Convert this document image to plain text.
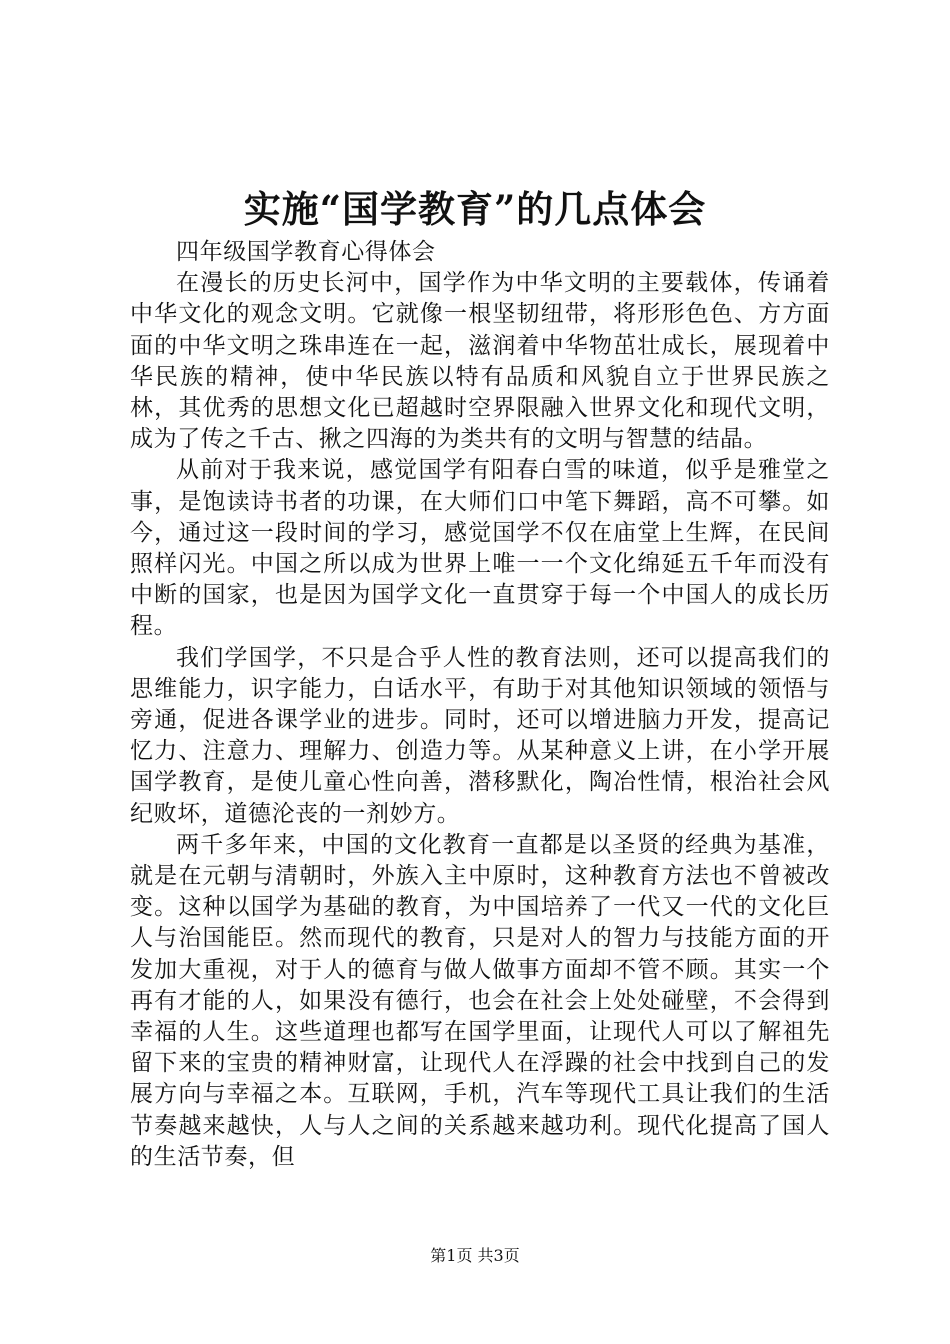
实施“国学教育”的几点体会

四年级国学教育心得体会

在漫长的历史长河中，国学作为中华文明的主要载体，传诵着中华文化的观念文明。它就像一根坚韧纽带，将形形色色、方方面面的中华文明之珠串连在一起，滋润着中华物茁壮成长，展现着中华民族的精神，使中华民族以特有品质和风貌自立于世界民族之林，其优秀的思想文化已超越时空界限融入世界文化和现代文明，成为了传之千古、揪之四海的为类共有的文明与智慧的结晶。

从前对于我来说，感觉国学有阳春白雪的味道，似乎是雅堂之事，是饱读诗书者的功课，在大师们口中笔下舞蹈，高不可攀。如今，通过这一段时间的学习，感觉国学不仅在庙堂上生辉，在民间照样闪光。中国之所以成为世界上唯一一个文化绵延五千年而没有中断的国家，也是因为国学文化一直贯穿于每一个中国人的成长历程。

我们学国学，不只是合乎人性的教育法则，还可以提高我们的思维能力，识字能力，白话水平，有助于对其他知识领域的领悟与旁通，促进各课学业的进步。同时，还可以增进脑力开发，提高记忆力、注意力、理解力、创造力等。从某种意义上讲，在小学开展国学教育，是使儿童心性向善，潜移默化，陶冶性情，根治社会风纪败坏，道德沦丧的一剂妙方。

两千多年来，中国的文化教育一直都是以圣贤的经典为基准，就是在元朝与清朝时，外族入主中原时，这种教育方法也不曾被改变。这种以国学为基础的教育，为中国培养了一代又一代的文化巨人与治国能臣。然而现代的教育，只是对人的智力与技能方面的开发加大重视，对于人的德育与做人做事方面却不管不顾。其实一个再有才能的人，如果没有德行，也会在社会上处处碰壁，不会得到幸福的人生。这些道理也都写在国学里面，让现代人可以了解祖先留下来的宝贵的精神财富，让现代人在浮躁的社会中找到自己的发展方向与幸福之本。互联网，手机，汽车等现代工具让我们的生活节奏越来越快，人与人之间的关系越来越功利。现代化提高了国人的生活节奏，但

第1页 共3页
